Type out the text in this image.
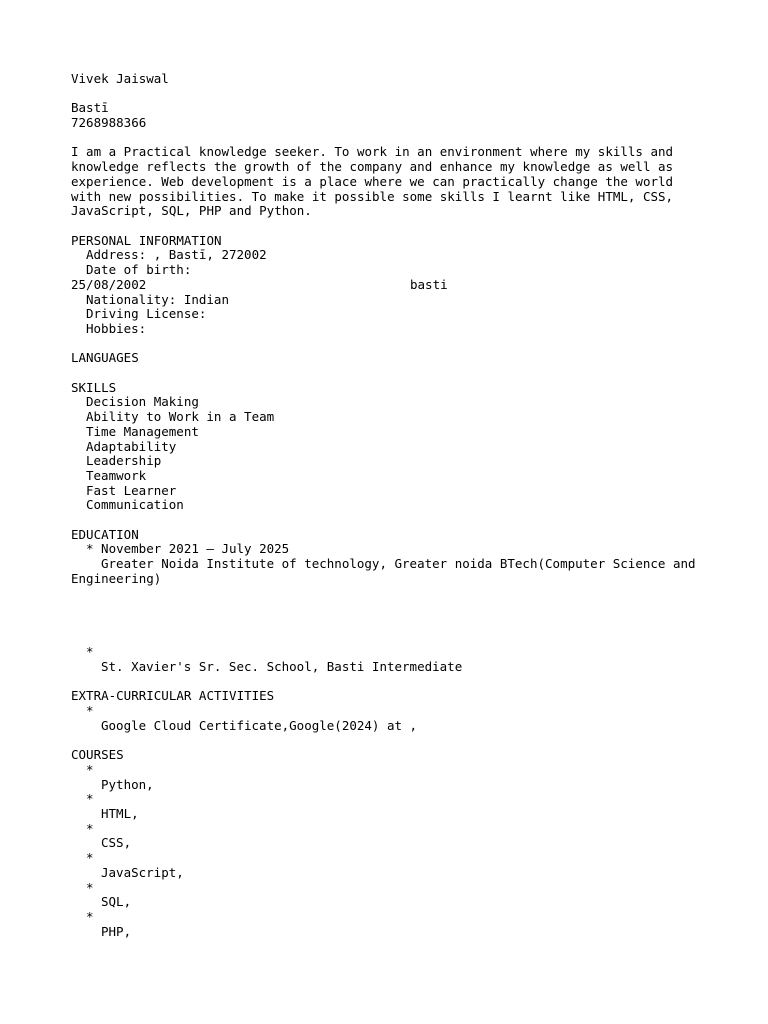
Vivek Jaiswal
Bastī
7268988366
I am a Practical knowledge seeker. To work in an environment where my skills and
knowledge reflects the growth of the company and enhance my knowledge as well as
experience. Web development is a place where we can practically change the world
with new possibilities. To make it possible some skills I learnt like HTML, CSS,
JavaScript, SQL, PHP and Python.
PERSONAL INFORMATION
Address: , Bastī, 272002
Date of birth:
25/08/2002	basti
Nationality: Indian
Driving License:
Hobbies:
LANGUAGES
SKILLS
Decision Making
Ability to Work in a Team
Time Management
Adaptability
Leadership
Teamwork
Fast Learner
Communication
EDUCATION
* November 2021 – July 2025
Greater Noida Institute of technology, Greater noida BTech(Computer Science and
Engineering)
*
St. Xavier's Sr. Sec. School, Basti Intermediate
EXTRA-CURRICULAR ACTIVITIES
*
Google Cloud Certificate,Google(2024) at ,
COURSES
*
Python,
*
HTML,
*
CSS,
*
JavaScript,
*
SQL,
*
PHP,
